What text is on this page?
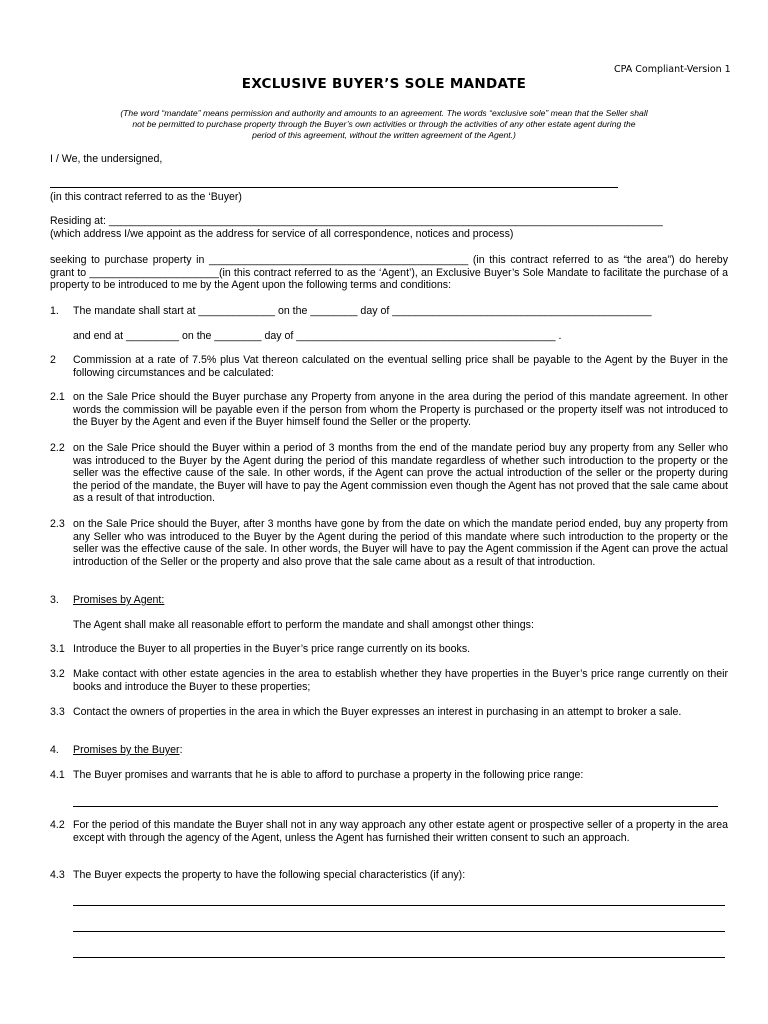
CPA Compliant-Version 1
EXCLUSIVE BUYER’S SOLE MANDATE
(The word “mandate” means permission and authority and amounts to an agreement. The words “exclusive sole” mean that the Seller shall not be permitted to purchase property through the Buyer’s own activities or through the activities of any other estate agent during the period of this agreement, without the written agreement of the Agent.)
I / We, the undersigned,
(in this contract referred to as the ‘Buyer)
Residing at: ______________________________________________________________________________________________
(which address I/we appoint as the address for service of all correspondence, notices and process)
seeking to purchase property in ____________________________________________ (in this contract referred to as “the area”) do hereby grant to ______________________(in this contract referred to as the ‘Agent’), an Exclusive Buyer’s Sole Mandate to facilitate the purchase of a property to be introduced to me by the Agent upon the following terms and conditions:
1. The mandate shall start at _____________ on the ________ day of ____________________________________________
and end at _________ on the ________ day of ____________________________________________ .
2 Commission at a rate of 7.5% plus Vat thereon calculated on the eventual selling price shall be payable to the Agent by the Buyer in the following circumstances and be calculated:
2.1 on the Sale Price should the Buyer purchase any Property from anyone in the area during the period of this mandate agreement. In other words the commission will be payable even if the person from whom the Property is purchased or the property itself was not introduced to the Buyer by the Agent and even if the Buyer himself found the Seller or the property.
2.2 on the Sale Price should the Buyer within a period of 3 months from the end of the mandate period buy any property from any Seller who was introduced to the Buyer by the Agent during the period of this mandate regardless of whether such introduction to the property or the seller was the effective cause of the sale. In other words, if the Agent can prove the actual introduction of the seller or the property during the period of the mandate, the Buyer will have to pay the Agent commission even though the Agent has not proved that the sale came about as a result of that introduction.
2.3 on the Sale Price should the Buyer, after 3 months have gone by from the date on which the mandate period ended, buy any property from any Seller who was introduced to the Buyer by the Agent during the period of this mandate where such introduction to the property or the seller was the effective cause of the sale. In other words, the Buyer will have to pay the Agent commission if the Agent can prove the actual introduction of the Seller or the property and also prove that the sale came about as a result of that introduction.
3. Promises by Agent:
The Agent shall make all reasonable effort to perform the mandate and shall amongst other things:
3.1 Introduce the Buyer to all properties in the Buyer’s price range currently on its books.
3.2 Make contact with other estate agencies in the area to establish whether they have properties in the Buyer’s price range currently on their books and introduce the Buyer to these properties;
3.3 Contact the owners of properties in the area in which the Buyer expresses an interest in purchasing in an attempt to broker a sale.
4. Promises by the Buyer:
4.1 The Buyer promises and warrants that he is able to afford to purchase a property in the following price range:
4.2 For the period of this mandate the Buyer shall not in any way approach any other estate agent or prospective seller of a property in the area except with through the agency of the Agent, unless the Agent has furnished their written consent to such an approach.
4.3 The Buyer expects the property to have the following special characteristics (if any):
